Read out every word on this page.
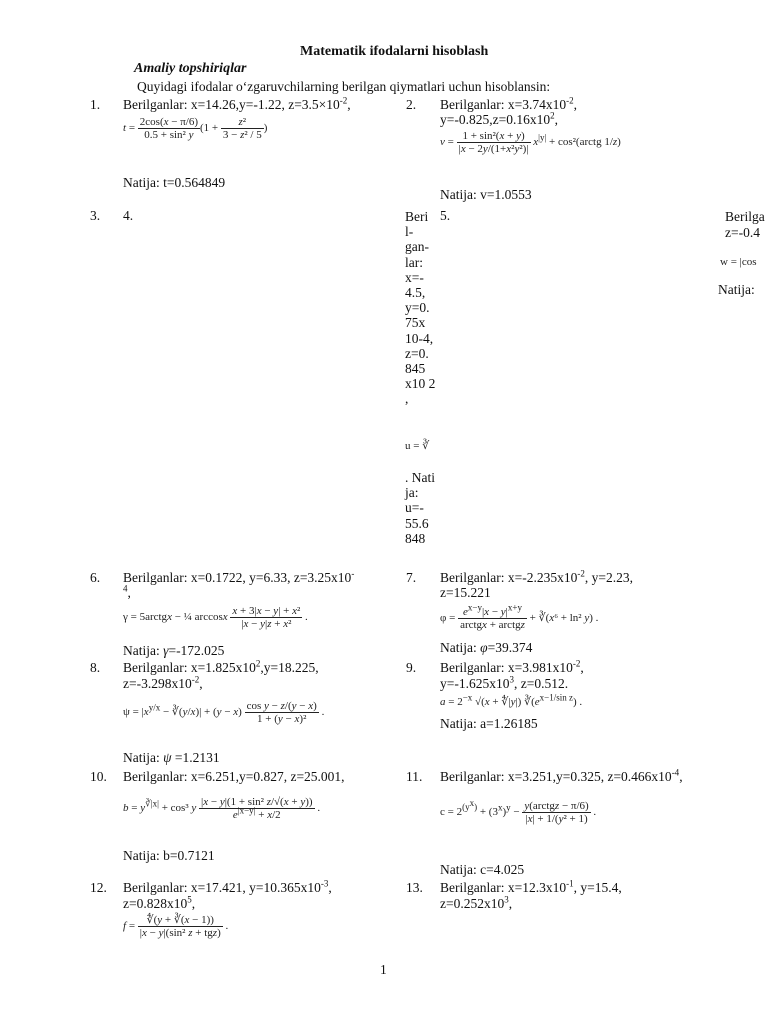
Matematik ifodalarni hisoblash
Amaliy topshiriqlar
Quyidagi ifodalar o‘zgaruvchilarning berilgan qiymatlari uchun hisoblansin:
1. Berilganlar: x=14.26,y=-1.22, $z=3.5\times 10^{-2}$,
$t = \frac{2\cos(x - \pi/6)}{\text{0.5 + sin² y}} (1 + \frac{\text{z²}}{\text{3 − z² / 5}}$ )
Natija: t=0.564849
2. Berilganlar: $x=3.74x10^{-2}$,
$y=-0.825,z=0.16x10^2$,
$v = \frac{\text{1 + sin²(x + y)}}{\text{|x − 2y/(1+x²y²)|}} x^{|y|}$ + cos²(arctg 1/z)
Natija: v=1.0553
3. 4.	Beri l- gan- lar: x=- 4.5, y=0. 75x 10-4, z=0. 845 x10 2 ,
u = ∛
. Nati ja: u=- 55.6 848
5.	Berilga
z=-0.4
w = |cos
Natija:
6. Berilganlar: x=0.1722, y=6.33, z=3.25x10-
$^4$,
γ = 5arctgx − ¼ arccosx $\frac{\text{x + 3|x − y| + x²}}{\text{|x − y|z + x²}}$ .
Natija: γ=-172.025
7. Berilganlar: $x=-2.235x10^{-2}$, y=2.23,
z=15.221
$\varphi = \frac{e^{x-y}|x - y|^{x+y}}{\text{arctgx + arctgz}}$ + ∛(x⁶ + ln² y) .
Natija: φ=39.374
8. Berilganlar: $x=1.825x10^2,y=18.225$,
$z=-3.298x10^{-2}$,
$\psi = |x^{y/x}$ − ∛(y/x)| + $(y - x) \frac{\text{cos y − z/(y − x)}}{\text{1 + (y − x)²}}$ .
Natija: ψ =1.2131
9. Berilganlar: $x=3.981x10^{-2}$,
$y=-1.625x10^3$, z=0.512.
$a = 2^{-x}$ √(x + ∜|y|) $∛(e^{x-1/sin z})$ .
Natija: a=1.26185
10. Berilganlar: x=6.251,y=0.827, z=25.001,
$b = y^{∛|x|} + \cos^3$ y $\frac{\text{|x − y|(1 + sin² z/√(x + y))}}{e^{|x-y|} + x/2}$ .
Natija: b=0.7121
11. Berilganlar: x=3.251,y=0.325, $z=0.466x10^{-4}$,
$c = 2^{(y^x)} + (3^x)^y - \frac{\text{y(arctgz − π/6)}}{\text{|x| + 1/(y² + 1)}}$ .
Natija: c=4.025
12. Berilganlar: x=17.421, $y=10.365x10^{-3}$,
$z=0.828x10^5$,
$f = \frac{∜(y + ∛(x - 1))}{\text{|x − y|(sin² z + tgz)}}$ .
13. Berilganlar: $x=12.3x10^{-1}$, y=15.4,
$z=0.252x10^3$,
1
